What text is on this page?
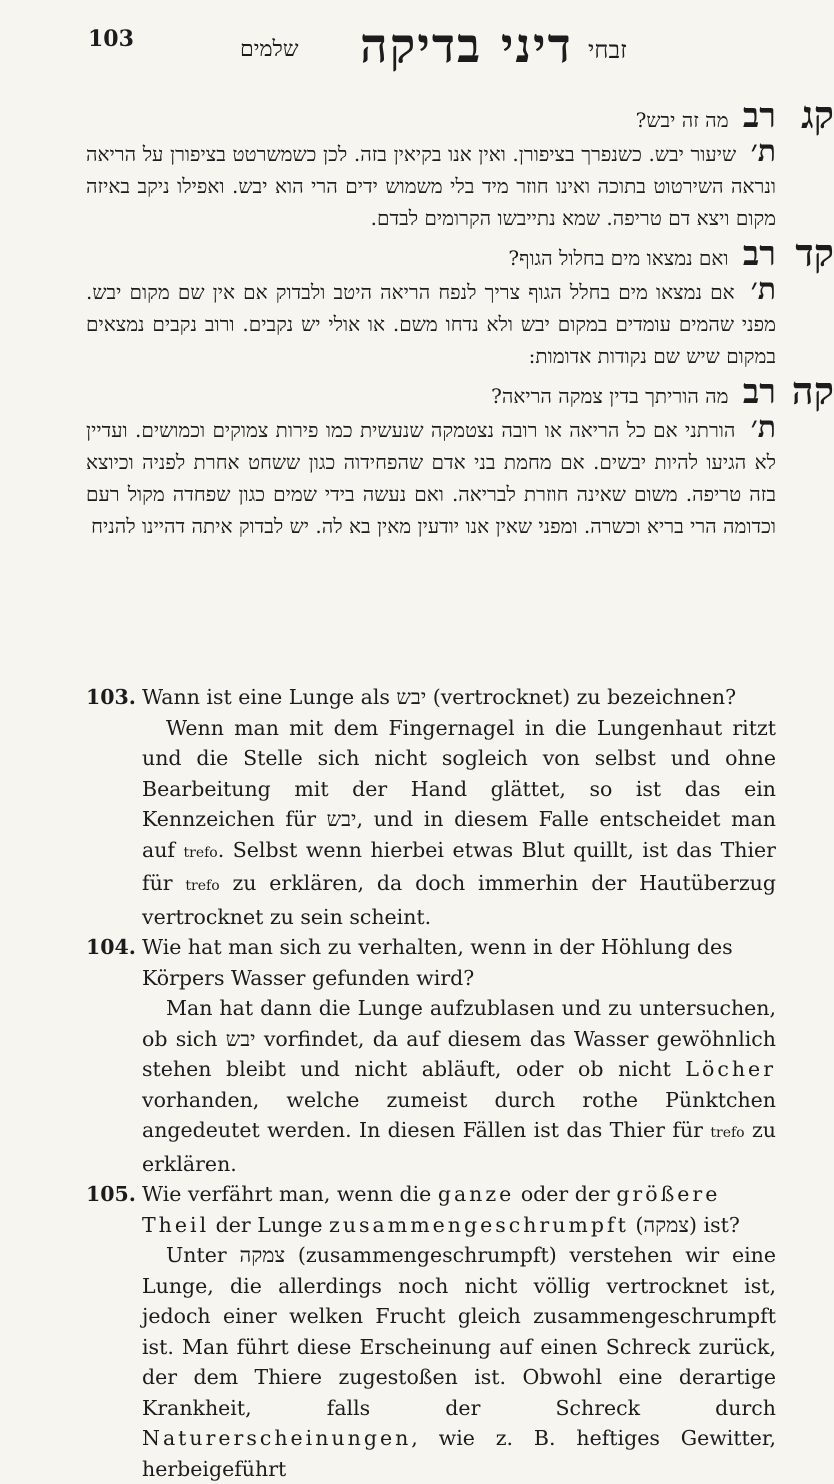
103	שלמים דיני בדיקה זבחי
קג
רב מה זה יבש?
ת׳ שיעור יבש. כשנפרך בציפורן. ואין אנו בקיאין בזה. לכן כשמשרטט בציפורן על הריאה ונראה השירטוט בתוכה ואינו חוזר מיד בלי משמוש ידים הרי הוא יבש. ואפילו ניקב באיזה מקום ויצא דם טריפה. שמא נתייבשו הקרומים לבדם.
קד
רב ואם נמצאו מים בחלול הגוף?
ת׳ אם נמצאו מים בחלל הגוף צריך לנפח הריאה היטב ולבדוק אם אין שם מקום יבש. מפני שהמים עומדים במקום יבש ולא נדחו משם. או אולי יש נקבים. ורוב נקבים נמצאים במקום שיש שם נקודות אדומות:
קה
רב מה הוריתך בדין צמקה הריאה?
ת׳ הורתני אם כל הריאה או רובה נצטמקה שנעשית כמו פירות צמוקים וכמושים. ועדיין לא הגיעו להיות יבשים. אם מחמת בני אדם שהפחידוה כגון ששחט אחרת לפניה וכיוצא בזה טריפה. משום שאינה חוזרת לבריאה. ואם נעשה בידי שמים כגון שפחדה מקול רעם וכדומה הרי בריא וכשרה. ומפני שאין אנו יודעין מאין בא לה. יש לבדוק איתה דהיינו להניח
103. Wann ist eine Lunge als יבש (vertrocknet) zu bezeichnen?
Wenn man mit dem Fingernagel in die Lungenhaut ritzt und die Stelle sich nicht sogleich von selbst und ohne Bearbeitung mit der Hand glättet, so ist das ein Kennzeichen für יבש, und in diesem Falle entscheidet man auf trefo. Selbst wenn hierbei etwas Blut quillt, ist das Thier für trefo zu erklären, da doch immerhin der Hautüberzug vertrocknet zu sein scheint.
104. Wie hat man sich zu verhalten, wenn in der Höhlung des Körpers Wasser gefunden wird?
Man hat dann die Lunge aufzublasen und zu untersuchen, ob sich יבש vorfindet, da auf diesem das Wasser gewöhnlich stehen bleibt und nicht abläuft, oder ob nicht Löcher vorhanden, welche zumeist durch rothe Pünktchen angedeutet werden. In diesen Fällen ist das Thier für trefo zu erklären.
105. Wie verfährt man, wenn die ganze oder der größere Theil der Lunge zusammengeschrumpft (צמקה) ist?
Unter צמקה (zusammengeschrumpft) verstehen wir eine Lunge, die allerdings noch nicht völlig vertrocknet ist, jedoch einer welken Frucht gleich zusammengeschrumpft ist. Man führt diese Erscheinung auf einen Schreck zurück, der dem Thiere zugestoßen ist. Obwohl eine derartige Krankheit, falls der Schreck durch Naturerscheinungen, wie z. B. heftiges Gewitter, herbeigeführt
